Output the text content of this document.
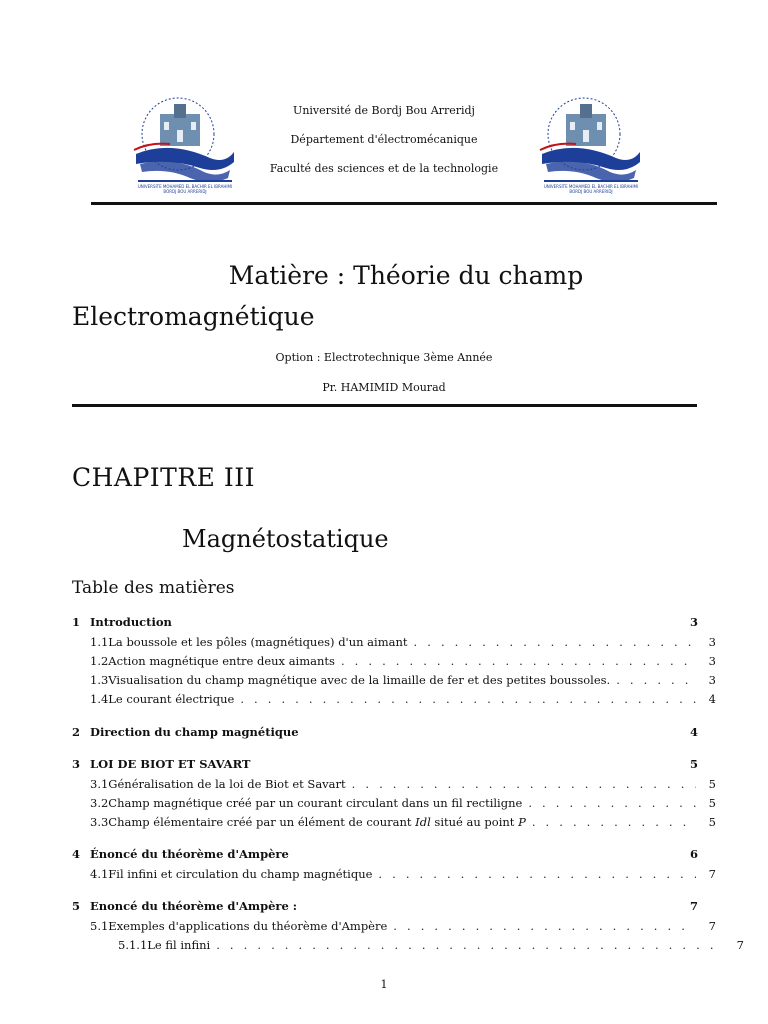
UNIVERSITE MOHAMED EL BACHIR EL IBRAHIMI
BORDJ BOU ARRERIDJ
UNIVERSITE MOHAMED EL BACHIR EL IBRAHIMI
BORDJ BOU ARRERIDJ
Université de Bordj Bou Arreridj
Département d'électromécanique
Faculté des sciences et de la technologie
Matière : Théorie du champ
Electromagnétique
Option : Electrotechnique 3ème Année
Pr. HAMIMID Mourad
CHAPITRE III
Magnétostatique
Table des matières
1 Introduction	3
1.1 La boussole et les pôles (magnétiques) d'un aimant . . .	3
1.2 Action magnétique entre deux aimants . . .	3
1.3 Visualisation du champ magnétique avec de la limaille de fer et des petites boussoles. . . .	3
1.4 Le courant électrique . . .	4
2 Direction du champ magnétique	4
3 LOI DE BIOT ET SAVART	5
3.1 Généralisation de la loi de Biot et Savart . . .	5
3.2 Champ magnétique créé par un courant circulant dans un fil rectiligne . . .	5
3.3 Champ élémentaire créé par un élément de courant Idl situé au point P . . .	5
4 Énoncé du théorème d'Ampère	6
4.1 Fil infini et circulation du champ magnétique . . .	7
5 Enoncé du théorème d'Ampère :	7
5.1 Exemples d'applications du théorème d'Ampère . . .	7
5.1.1 Le fil infini . . .	7
1
